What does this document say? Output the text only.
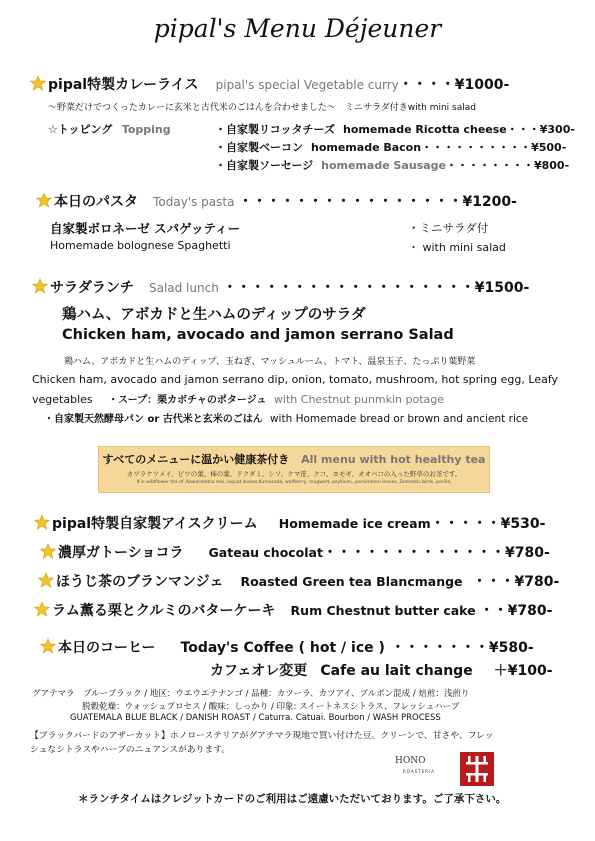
pipal's Menu Déjeuner
pipal特製カレーライス pipal's special Vegetable curry・・・・¥1000-
〜野菜だけでつくったカレーに玄米と古代米のごはんを合わせました〜　ミニサラダ付きwith mini salad
☆トッピング Topping	・自家製リコッタチーズ homemade Ricotta cheese・・・¥300-
・自家製ベーコン homemade Bacon・・・・・・・・・・¥500-
・自家製ソーセージ homemade Sausage・・・・・・・・¥800-
本日のパスタ Today's pasta ・・・・・・・・・・・・・・・・¥1200-
自家製ボロネーゼ スパゲッティー
Homemade bolognese Spaghetti
・ミニサラダ付
・ with mini salad
サラダランチ Salad lunch ・・・・・・・・・・・・・・・・・・¥1500-
鶏ハム、アボカドと生ハムのディップのサラダ
Chicken ham, avocado and jamon serrano Salad
鶏ハム、アボカドと生ハムのディップ、玉ねぎ、マッシュルーム、トマト、温泉玉子、たっぷり葉野菜
Chicken ham, avocado and jamon serrano dip, onion, tomato, mushroom, hot spring egg, Leafy
vegetables ・スープ：栗カボチャのポタージュ with Chestnut punmkin potage
・自家製天然酵母パン or 古代米と玄米のごはん with Homemade bread or brown and ancient rice
すべてのメニューに温かい健康茶付き All menu with hot healthy tea
カワラケツメイ、ビワの葉、柿の葉、ドクダミ、シソ、クマ笹、クコ、ヨモギ、オオバコの入った野草のお茶です。
It is wildflower tea of ,Kawaratetsu mei, loquat leaves,Kumasada, wolfberry, mugwort, psyllium,, persimmon leaves, Domestic birds, perilla,
pipal特製自家製アイスクリーム Homemade ice cream・・・・・¥530-
濃厚ガトーショコラ Gateau chocolat・・・・・・・・・・・・・¥780-
ほうじ茶のブランマンジェ Roasted Green tea Blancmange ・・・¥780-
ラム薫る栗とクルミのバターケーキ Rum Chestnut butter cake ・・¥780-
本日のコーヒー Today's Coffee ( hot / ice ) ・・・・・・・¥580-
カフェオレ変更 Cafe au lait change ＋¥100-
グアテマラ　ブルーブラック / 地区：ウエウエテナンゴ / 品種：カツーラ、カツアイ、ブルボン混成 / 焙煎：浅煎り
脱穀乾燥：ウォッシュプロセス / 酸味：しっかり / 印象: スイートネスシトラス、フレッシュハーブ
GUATEMALA BLUE BLACK / DANISH ROAST / Caturra. Catuai. Bourbon / WASH PROCESS
【ブラックバードのアザーカット】ホノローステリアがグアテマラ現地で買い付けた豆。クリーンで、甘さや、フレッ
シュなシトラスやハーブのニュアンスがあります。
HONO
ROASTERIA
＊ランチタイムはクレジットカードのご利用はご遠慮いただいております。ご了承下さい。
